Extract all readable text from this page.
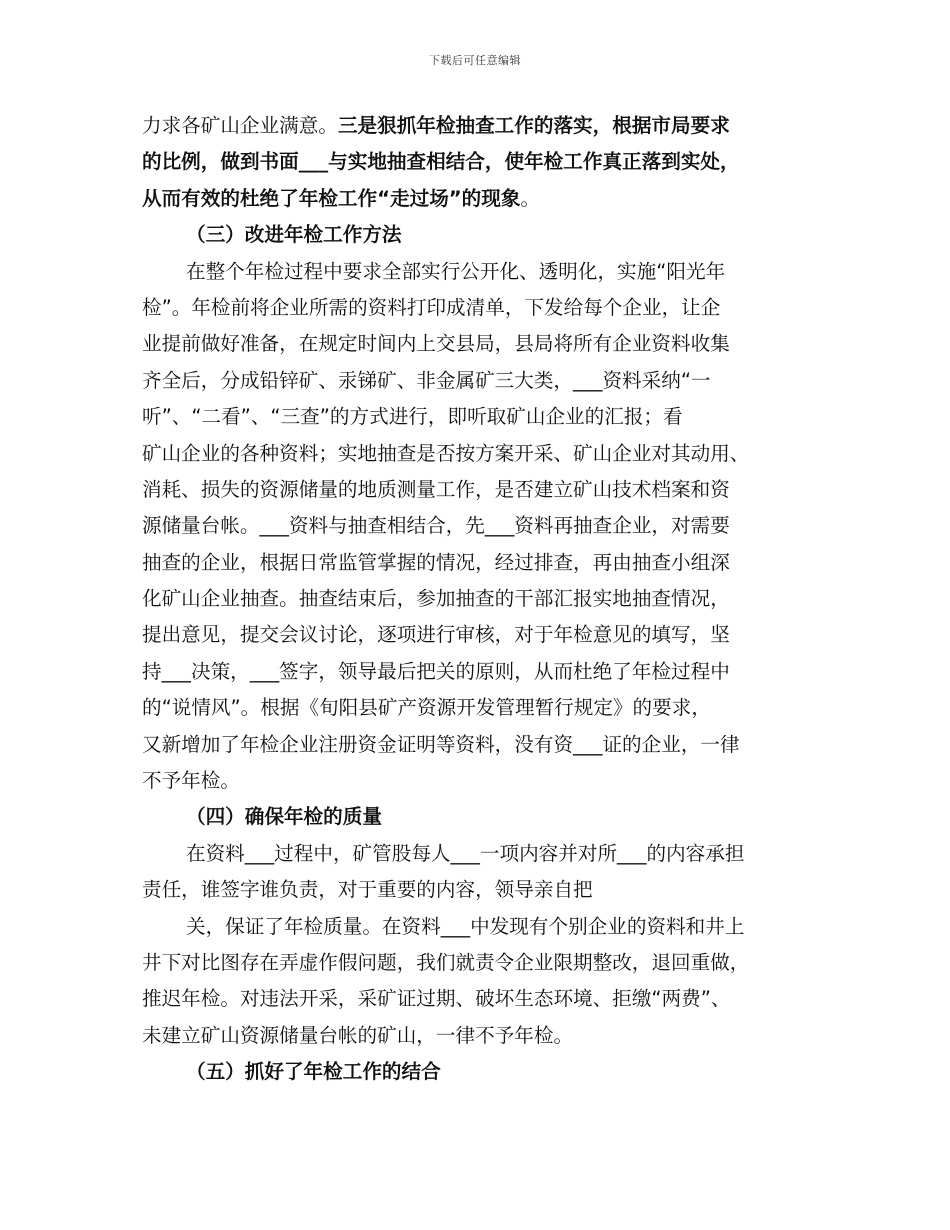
下载后可任意编辑
力求各矿山企业满意。三是狠抓年检抽查工作的落实，根据市局要求
的比例，做到书面___与实地抽查相结合，使年检工作真正落到实处，
从而有效的杜绝了年检工作“走过场”的现象。
（三）改进年检工作方法
在整个年检过程中要求全部实行公开化、透明化，实施“阳光年
检”。年检前将企业所需的资料打印成清单，下发给每个企业，让企
业提前做好准备，在规定时间内上交县局，县局将所有企业资料收集
齐全后，分成铅锌矿、汞锑矿、非金属矿三大类，___资料采纳“一
听”、“二看”、“三查”的方式进行，即听取矿山企业的汇报；看
矿山企业的各种资料；实地抽查是否按方案开采、矿山企业对其动用、
消耗、损失的资源储量的地质测量工作，是否建立矿山技术档案和资
源储量台帐。___资料与抽查相结合，先___资料再抽查企业，对需要
抽查的企业，根据日常监管掌握的情况，经过排查，再由抽查小组深
化矿山企业抽查。抽查结束后，参加抽查的干部汇报实地抽查情况，
提出意见，提交会议讨论，逐项进行审核，对于年检意见的填写，坚
持___决策，___签字，领导最后把关的原则，从而杜绝了年检过程中
的“说情风”。根据《旬阳县矿产资源开发管理暂行规定》的要求，
又新增加了年检企业注册资金证明等资料，没有资___证的企业，一律
不予年检。
（四）确保年检的质量
在资料___过程中，矿管股每人___一项内容并对所___的内容承担
责任，谁签字谁负责，对于重要的内容，领导亲自把
关，保证了年检质量。在资料___中发现有个别企业的资料和井上
井下对比图存在弄虚作假问题，我们就责令企业限期整改，退回重做，
推迟年检。对违法开采，采矿证过期、破坏生态环境、拒缴“两费”、
未建立矿山资源储量台帐的矿山，一律不予年检。
（五）抓好了年检工作的结合
